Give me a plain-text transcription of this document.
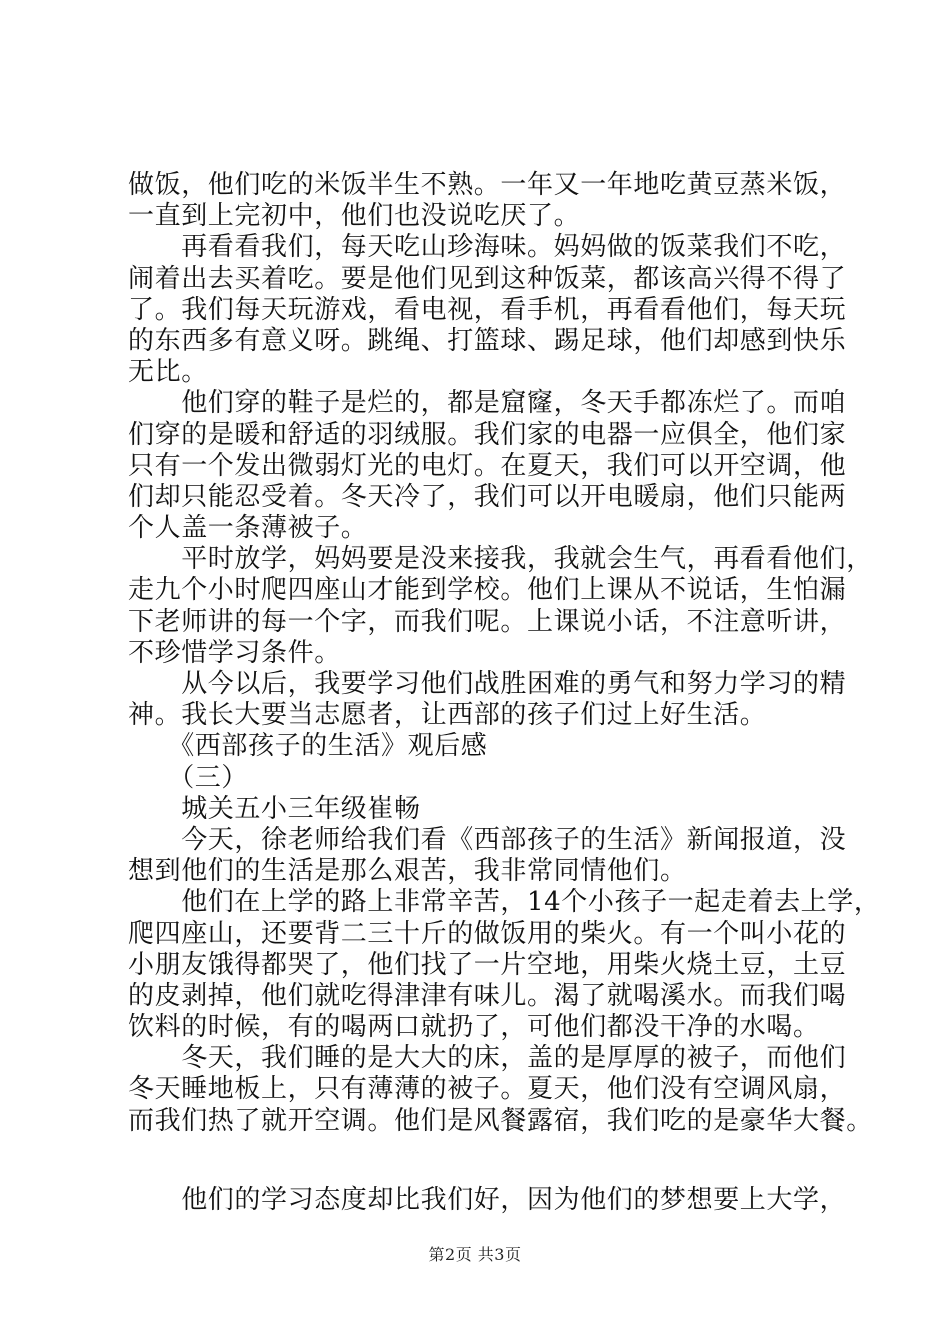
做饭，他们吃的米饭半生不熟。一年又一年地吃黄豆蒸米饭，
一直到上完初中，他们也没说吃厌了。
　　再看看我们，每天吃山珍海味。妈妈做的饭菜我们不吃，
闹着出去买着吃。要是他们见到这种饭菜，都该高兴得不得了
了。我们每天玩游戏，看电视，看手机，再看看他们，每天玩
的东西多有意义呀。跳绳、打篮球、踢足球，他们却感到快乐
无比。
　　他们穿的鞋子是烂的，都是窟窿，冬天手都冻烂了。而咱
们穿的是暖和舒适的羽绒服。我们家的电器一应俱全，他们家
只有一个发出微弱灯光的电灯。在夏天，我们可以开空调，他
们却只能忍受着。冬天冷了，我们可以开电暖扇，他们只能两
个人盖一条薄被子。
　　平时放学，妈妈要是没来接我，我就会生气，再看看他们，
走九个小时爬四座山才能到学校。他们上课从不说话，生怕漏
下老师讲的每一个字，而我们呢。上课说小话，不注意听讲，
不珍惜学习条件。
　　从今以后，我要学习他们战胜困难的勇气和努力学习的精
神。我长大要当志愿者，让西部的孩子们过上好生活。
　　《西部孩子的生活》观后感
　　（三）
　　城关五小三年级崔畅
　　今天，徐老师给我们看《西部孩子的生活》新闻报道，没
想到他们的生活是那么艰苦，我非常同情他们。
　　他们在上学的路上非常辛苦，14个小孩子一起走着去上学，
爬四座山，还要背二三十斤的做饭用的柴火。有一个叫小花的
小朋友饿得都哭了，他们找了一片空地，用柴火烧土豆，土豆
的皮剥掉，他们就吃得津津有味儿。渴了就喝溪水。而我们喝
饮料的时候，有的喝两口就扔了，可他们都没干净的水喝。
　　冬天，我们睡的是大大的床，盖的是厚厚的被子，而他们
冬天睡地板上，只有薄薄的被子。夏天，他们没有空调风扇，
而我们热了就开空调。他们是风餐露宿，我们吃的是豪华大餐。
　　他们的学习态度却比我们好，因为他们的梦想要上大学，
第2页 共3页
